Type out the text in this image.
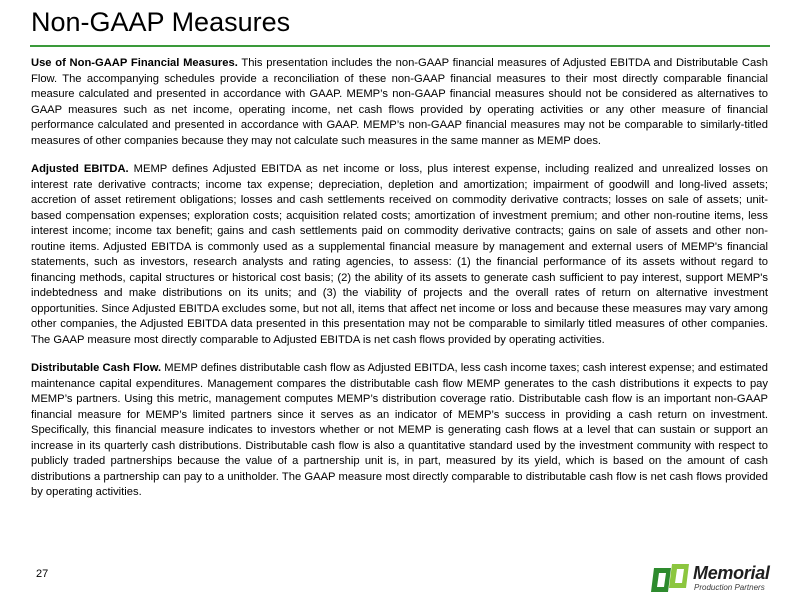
Non-GAAP Measures

Use of Non-GAAP Financial Measures. This presentation includes the non-GAAP financial measures of Adjusted EBITDA and Distributable Cash Flow. The accompanying schedules provide a reconciliation of these non-GAAP financial measures to their most directly comparable financial measure calculated and presented in accordance with GAAP. MEMP’s non-GAAP financial measures should not be considered as alternatives to GAAP measures such as net income, operating income, net cash flows provided by operating activities or any other measure of financial performance calculated and presented in accordance with GAAP. MEMP’s non-GAAP financial measures may not be comparable to similarly-titled measures of other companies because they may not calculate such measures in the same manner as MEMP does.

Adjusted EBITDA. MEMP defines Adjusted EBITDA as net income or loss, plus interest expense, including realized and unrealized losses on interest rate derivative contracts; income tax expense; depreciation, depletion and amortization; impairment of goodwill and long-lived assets; accretion of asset retirement obligations; losses and cash settlements received on commodity derivative contracts; losses on sale of assets; unit-based compensation expenses; exploration costs; acquisition related costs; amortization of investment premium; and other non-routine items, less interest income; income tax benefit; gains and cash settlements paid on commodity derivative contracts; gains on sale of assets and other non-routine items. Adjusted EBITDA is commonly used as a supplemental financial measure by management and external users of MEMP's financial statements, such as investors, research analysts and rating agencies, to assess: (1) the financial performance of its assets without regard to financing methods, capital structures or historical cost basis; (2) the ability of its assets to generate cash sufficient to pay interest, support MEMP's indebtedness and make distributions on its units; and (3) the viability of projects and the overall rates of return on alternative investment opportunities. Since Adjusted EBITDA excludes some, but not all, items that affect net income or loss and because these measures may vary among other companies, the Adjusted EBITDA data presented in this presentation may not be comparable to similarly titled measures of other companies. The GAAP measure most directly comparable to Adjusted EBITDA is net cash flows provided by operating activities.

Distributable Cash Flow. MEMP defines distributable cash flow as Adjusted EBITDA, less cash income taxes; cash interest expense; and estimated maintenance capital expenditures. Management compares the distributable cash flow MEMP generates to the cash distributions it expects to pay MEMP’s partners. Using this metric, management computes MEMP’s distribution coverage ratio. Distributable cash flow is an important non-GAAP financial measure for MEMP’s limited partners since it serves as an indicator of MEMP’s success in providing a cash return on investment. Specifically, this financial measure indicates to investors whether or not MEMP is generating cash flows at a level that can sustain or support an increase in its quarterly cash distributions. Distributable cash flow is also a quantitative standard used by the investment community with respect to publicly traded partnerships because the value of a partnership unit is, in part, measured by its yield, which is based on the amount of cash distributions a partnership can pay to a unitholder. The GAAP measure most directly comparable to distributable cash flow is net cash flows provided by operating activities.

27	Memorial
Production Partners
